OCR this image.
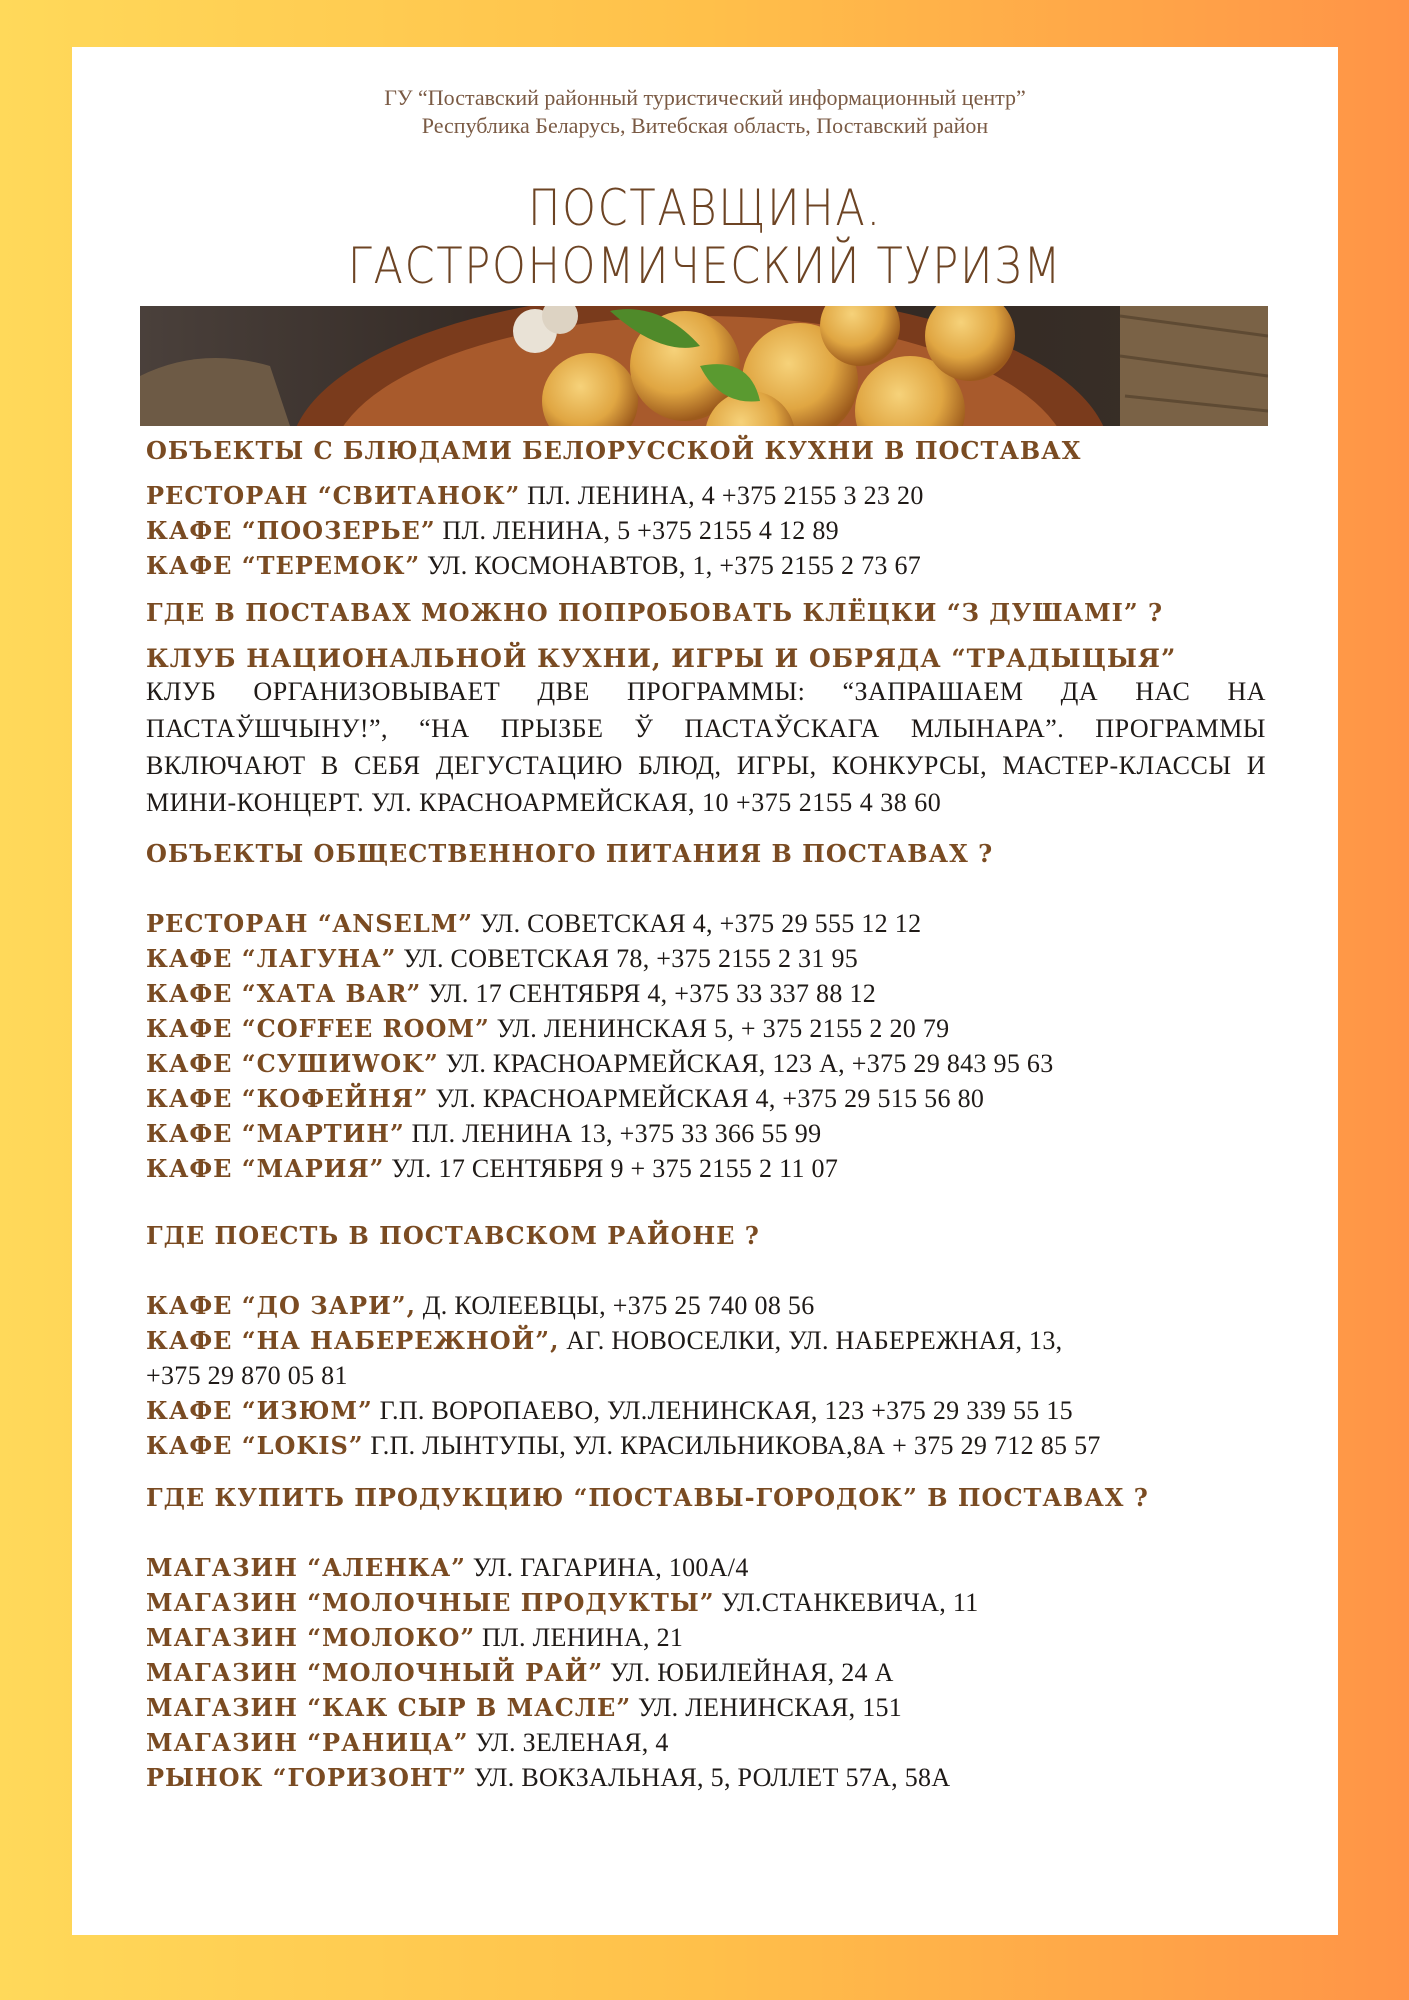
ГУ “Поставский районный туристический информационный центр”
Республика Беларусь, Витебская область, Поставский район
ПОСТАВЩИНА.
ГАСТРОНОМИЧЕСКИЙ ТУРИЗМ
ОБЪЕКТЫ С БЛЮДАМИ БЕЛОРУССКОЙ КУХНИ В ПОСТАВАХ
РЕСТОРАН “СВИТАНОК” ПЛ. ЛЕНИНА, 4 +375 2155 3 23 20
КАФЕ “ПООЗЕРЬЕ” ПЛ. ЛЕНИНА, 5 +375 2155 4 12 89
КАФЕ “ТЕРЕМОК” УЛ. КОСМОНАВТОВ, 1, +375 2155 2 73 67
ГДЕ В ПОСТАВАХ МОЖНО ПОПРОБОВАТЬ КЛЁЦКИ “З ДУШАМІ” ?
КЛУБ НАЦИОНАЛЬНОЙ КУХНИ, ИГРЫ И ОБРЯДА “ТРАДЫЦЫЯ”
КЛУБ ОРГАНИЗОВЫВАЕТ ДВЕ ПРОГРАММЫ: “ЗАПРАШАЕМ ДА НАС НА ПАСТАЎШЧЫНУ!”, “НА ПРЫЗБЕ Ў ПАСТАЎСКАГА МЛЫНАРА”. ПРОГРАММЫ ВКЛЮЧАЮТ В СЕБЯ ДЕГУСТАЦИЮ БЛЮД, ИГРЫ, КОНКУРСЫ, МАСТЕР-КЛАССЫ И МИНИ-КОНЦЕРТ. УЛ. КРАСНОАРМЕЙСКАЯ, 10 +375 2155 4 38 60
ОБЪЕКТЫ ОБЩЕСТВЕННОГО ПИТАНИЯ В ПОСТАВАХ ?
РЕСТОРАН “ANSELM” УЛ. СОВЕТСКАЯ 4, +375 29 555 12 12
КАФЕ “ЛАГУНА” УЛ. СОВЕТСКАЯ 78, +375 2155 2 31 95
КАФЕ “ХАТА BAR” УЛ. 17 СЕНТЯБРЯ 4, +375 33 337 88 12
КАФЕ “COFFEE ROOM” УЛ. ЛЕНИНСКАЯ 5, + 375 2155 2 20 79
КАФЕ “СУШИWOK” УЛ. КРАСНОАРМЕЙСКАЯ, 123 А, +375 29 843 95 63
КАФЕ “КОФЕЙНЯ” УЛ. КРАСНОАРМЕЙСКАЯ 4, +375 29 515 56 80
КАФЕ “МАРТИН” ПЛ. ЛЕНИНА 13, +375 33 366 55 99
КАФЕ “МАРИЯ” УЛ. 17 СЕНТЯБРЯ 9 + 375 2155 2 11 07
ГДЕ ПОЕСТЬ В ПОСТАВСКОМ РАЙОНЕ ?
КАФЕ “ДО ЗАРИ”, Д. КОЛЕЕВЦЫ, +375 25 740 08 56
КАФЕ “НА НАБЕРЕЖНОЙ”, АГ. НОВОСЕЛКИ, УЛ. НАБЕРЕЖНАЯ, 13,
+375 29 870 05 81
КАФЕ “ИЗЮМ” Г.П. ВОРОПАЕВО, УЛ.ЛЕНИНСКАЯ, 123 +375 29 339 55 15
КАФЕ “LOKIS” Г.П. ЛЫНТУПЫ, УЛ. КРАСИЛЬНИКОВА,8А + 375 29 712 85 57
ГДЕ КУПИТЬ ПРОДУКЦИЮ “ПОСТАВЫ-ГОРОДОК” В ПОСТАВАХ ?
МАГАЗИН “АЛЕНКА” УЛ. ГАГАРИНА, 100А/4
МАГАЗИН “МОЛОЧНЫЕ ПРОДУКТЫ” УЛ.СТАНКЕВИЧА, 11
МАГАЗИН “МОЛОКО” ПЛ. ЛЕНИНА, 21
МАГАЗИН “МОЛОЧНЫЙ РАЙ” УЛ. ЮБИЛЕЙНАЯ, 24 А
МАГАЗИН “КАК СЫР В МАСЛЕ” УЛ. ЛЕНИНСКАЯ, 151
МАГАЗИН “РАНИЦА” УЛ. ЗЕЛЕНАЯ, 4
РЫНОК “ГОРИЗОНТ” УЛ. ВОКЗАЛЬНАЯ, 5, РОЛЛЕТ 57А, 58А
